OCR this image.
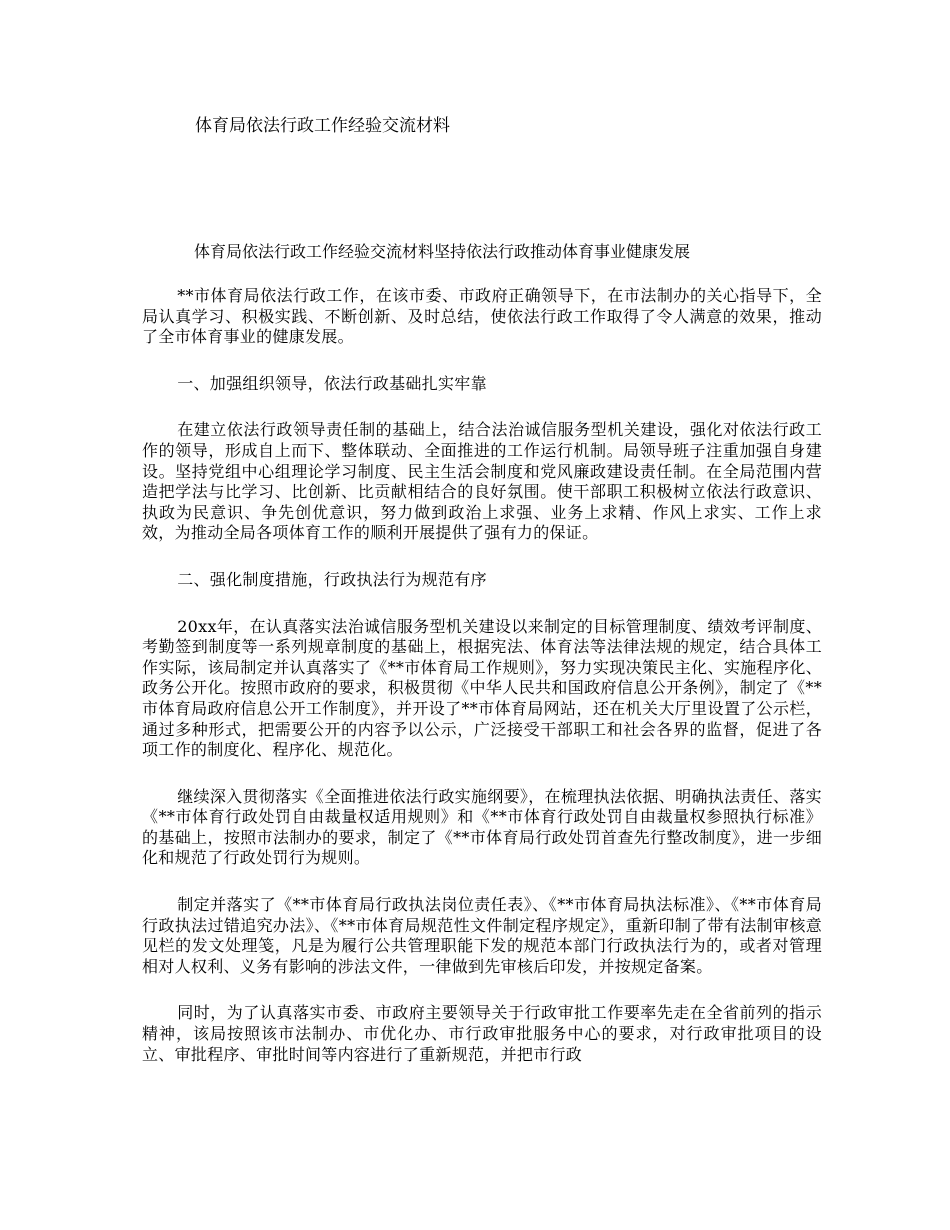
体育局依法行政工作经验交流材料
体育局依法行政工作经验交流材料坚持依法行政推动体育事业健康发展

**市体育局依法行政工作，在该市委、市政府正确领导下，在市法制办的关心指导下，全局认真学习、积极实践、不断创新、及时总结，使依法行政工作取得了令人满意的效果，推动了全市体育事业的健康发展。

一、加强组织领导，依法行政基础扎实牢靠

在建立依法行政领导责任制的基础上，结合法治诚信服务型机关建设，强化对依法行政工作的领导，形成自上而下、整体联动、全面推进的工作运行机制。局领导班子注重加强自身建设。坚持党组中心组理论学习制度、民主生活会制度和党风廉政建设责任制。在全局范围内营造把学法与比学习、比创新、比贡献相结合的良好氛围。使干部职工积极树立依法行政意识、执政为民意识、争先创优意识，努力做到政治上求强、业务上求精、作风上求实、工作上求效，为推动全局各项体育工作的顺利开展提供了强有力的保证。

二、强化制度措施，行政执法行为规范有序

20xx年，在认真落实法治诚信服务型机关建设以来制定的目标管理制度、绩效考评制度、考勤签到制度等一系列规章制度的基础上，根据宪法、体育法等法律法规的规定，结合具体工作实际，该局制定并认真落实了《**市体育局工作规则》，努力实现决策民主化、实施程序化、政务公开化。按照市政府的要求，积极贯彻《中华人民共和国政府信息公开条例》，制定了《**市体育局政府信息公开工作制度》，并开设了**市体育局网站，还在机关大厅里设置了公示栏，通过多种形式，把需要公开的内容予以公示，广泛接受干部职工和社会各界的监督，促进了各项工作的制度化、程序化、规范化。

继续深入贯彻落实《全面推进依法行政实施纲要》，在梳理执法依据、明确执法责任、落实《**市体育行政处罚自由裁量权适用规则》和《**市体育行政处罚自由裁量权参照执行标准》的基础上，按照市法制办的要求，制定了《**市体育局行政处罚首查先行整改制度》，进一步细化和规范了行政处罚行为规则。

制定并落实了《**市体育局行政执法岗位责任表》、《**市体育局执法标准》、《**市体育局行政执法过错追究办法》、《**市体育局规范性文件制定程序规定》，重新印制了带有法制审核意见栏的发文处理笺，凡是为履行公共管理职能下发的规范本部门行政执法行为的，或者对管理相对人权利、义务有影响的涉法文件，一律做到先审核后印发，并按规定备案。

同时，为了认真落实市委、市政府主要领导关于行政审批工作要率先走在全省前列的指示精神，该局按照该市法制办、市优化办、市行政审批服务中心的要求，对行政审批项目的设立、审批程序、审批时间等内容进行了重新规范，并把市行政
